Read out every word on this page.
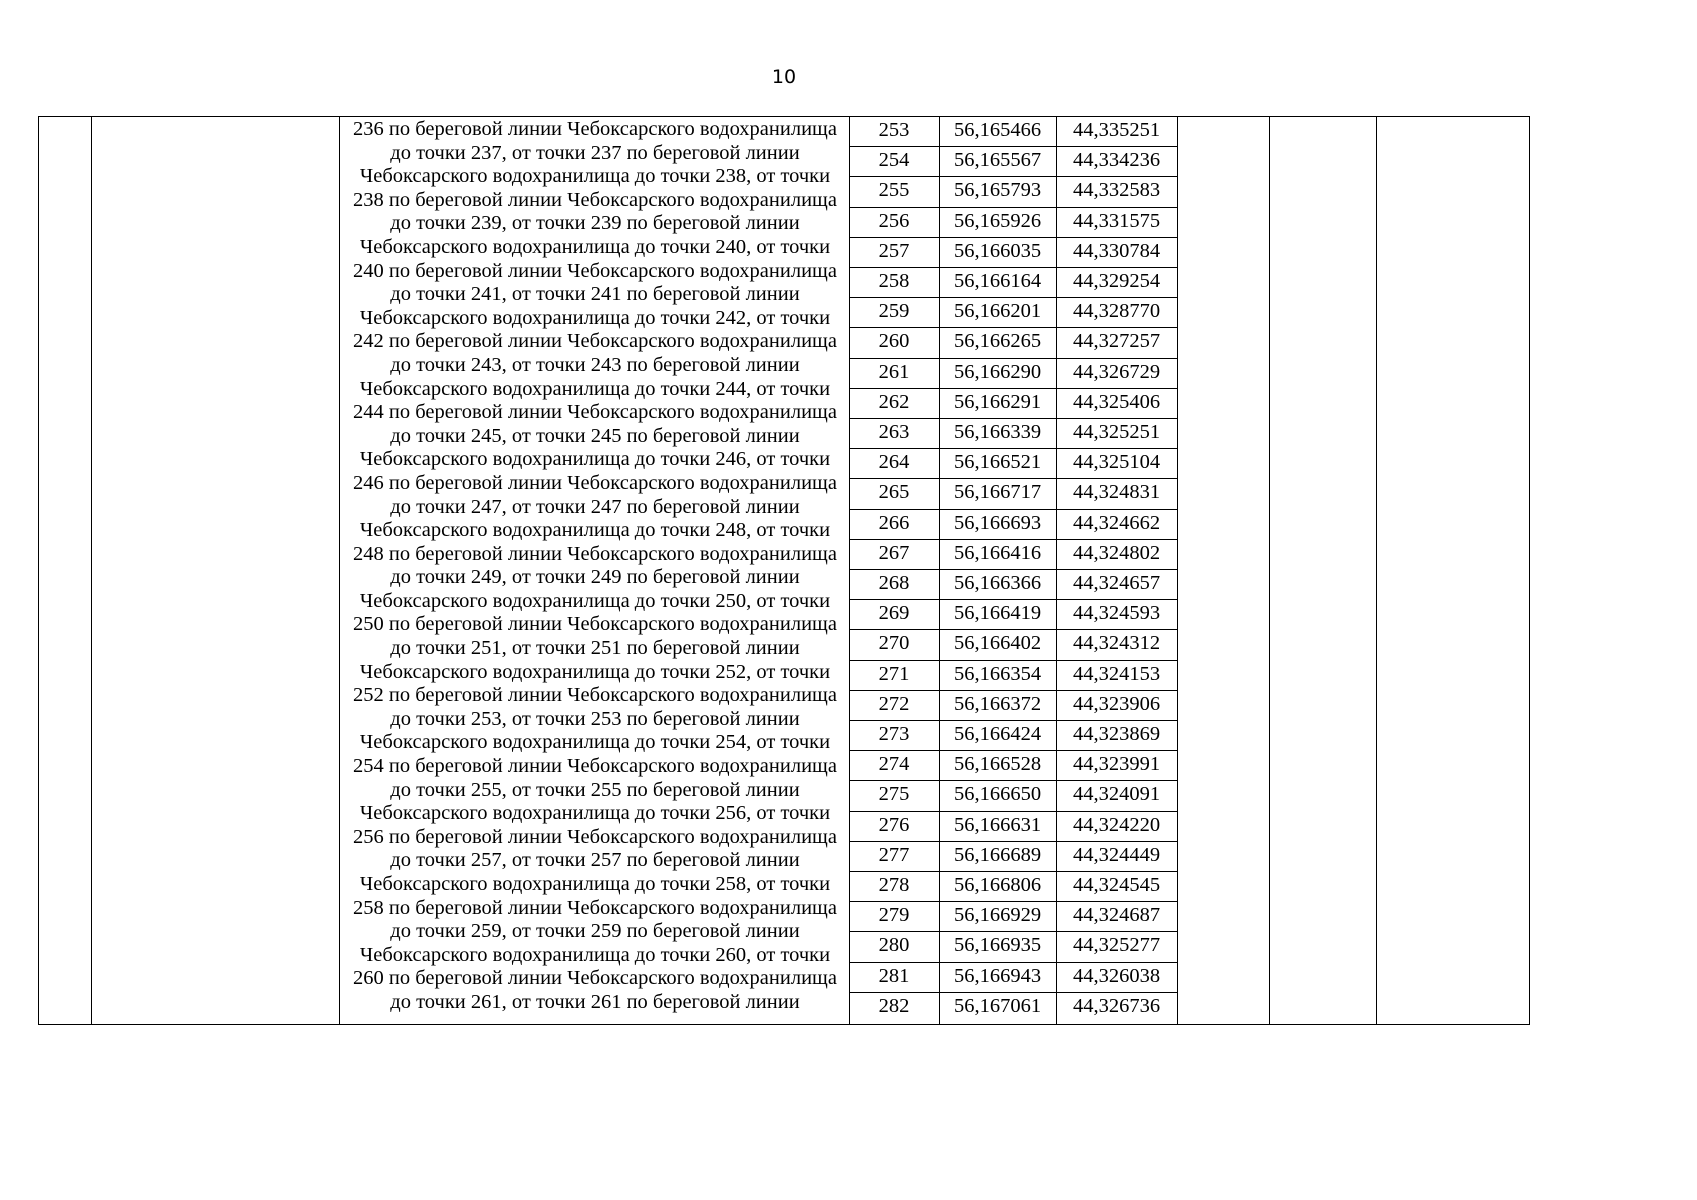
10
236 по береговой линии Чебоксарского водохранилища
до точки 237, от точки 237 по береговой линии
Чебоксарского водохранилища до точки 238, от точки
238 по береговой линии Чебоксарского водохранилища
до точки 239, от точки 239 по береговой линии
Чебоксарского водохранилища до точки 240, от точки
240 по береговой линии Чебоксарского водохранилища
до точки 241, от точки 241 по береговой линии
Чебоксарского водохранилища до точки 242, от точки
242 по береговой линии Чебоксарского водохранилища
до точки 243, от точки 243 по береговой линии
Чебоксарского водохранилища до точки 244, от точки
244 по береговой линии Чебоксарского водохранилища
до точки 245, от точки 245 по береговой линии
Чебоксарского водохранилища до точки 246, от точки
246 по береговой линии Чебоксарского водохранилища
до точки 247, от точки 247 по береговой линии
Чебоксарского водохранилища до точки 248, от точки
248 по береговой линии Чебоксарского водохранилища
до точки 249, от точки 249 по береговой линии
Чебоксарского водохранилища до точки 250, от точки
250 по береговой линии Чебоксарского водохранилища
до точки 251, от точки 251 по береговой линии
Чебоксарского водохранилища до точки 252, от точки
252 по береговой линии Чебоксарского водохранилища
до точки 253, от точки 253 по береговой линии
Чебоксарского водохранилища до точки 254, от точки
254 по береговой линии Чебоксарского водохранилища
до точки 255, от точки 255 по береговой линии
Чебоксарского водохранилища до точки 256, от точки
256 по береговой линии Чебоксарского водохранилища
до точки 257, от точки 257 по береговой линии
Чебоксарского водохранилища до точки 258, от точки
258 по береговой линии Чебоксарского водохранилища
до точки 259, от точки 259 по береговой линии
Чебоксарского водохранилища до точки 260, от точки
260 по береговой линии Чебоксарского водохранилища
до точки 261, от точки 261 по береговой линии
253	56,165466	44,335251
254	56,165567	44,334236
255	56,165793	44,332583
256	56,165926	44,331575
257	56,166035	44,330784
258	56,166164	44,329254
259	56,166201	44,328770
260	56,166265	44,327257
261	56,166290	44,326729
262	56,166291	44,325406
263	56,166339	44,325251
264	56,166521	44,325104
265	56,166717	44,324831
266	56,166693	44,324662
267	56,166416	44,324802
268	56,166366	44,324657
269	56,166419	44,324593
270	56,166402	44,324312
271	56,166354	44,324153
272	56,166372	44,323906
273	56,166424	44,323869
274	56,166528	44,323991
275	56,166650	44,324091
276	56,166631	44,324220
277	56,166689	44,324449
278	56,166806	44,324545
279	56,166929	44,324687
280	56,166935	44,325277
281	56,166943	44,326038
282	56,167061	44,326736
